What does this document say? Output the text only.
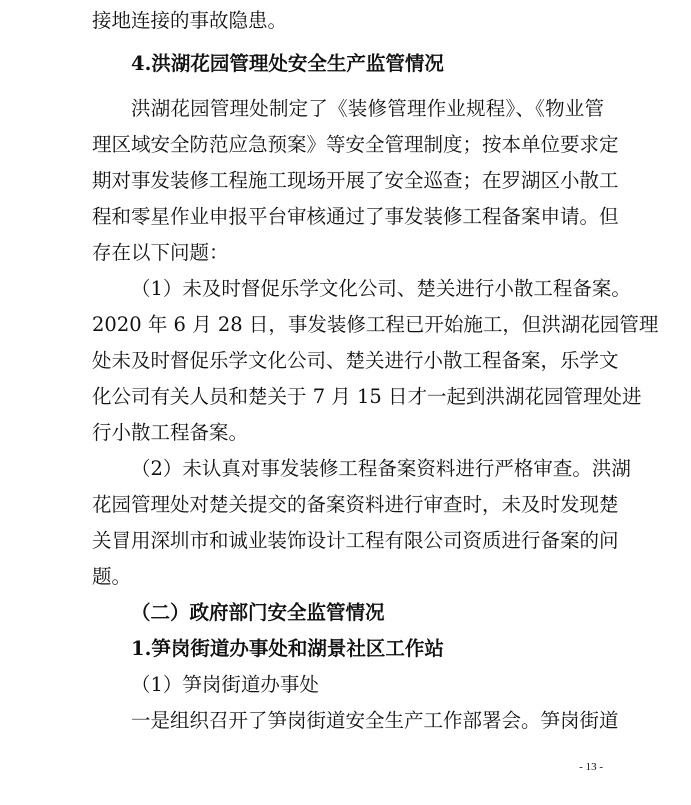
接地连接的事故隐患。
4.洪湖花园管理处安全生产监管情况
洪湖花园管理处制定了《装修管理作业规程》、《物业管
理区域安全防范应急预案》等安全管理制度；按本单位要求定
期对事发装修工程施工现场开展了安全巡查；在罗湖区小散工
程和零星作业申报平台审核通过了事发装修工程备案申请。但
存在以下问题：
（1）未及时督促乐学文化公司、楚关进行小散工程备案。
2020 年 6 月 28 日，事发装修工程已开始施工，但洪湖花园管理
处未及时督促乐学文化公司、楚关进行小散工程备案，乐学文
化公司有关人员和楚关于 7 月 15 日才一起到洪湖花园管理处进
行小散工程备案。
（2）未认真对事发装修工程备案资料进行严格审查。洪湖
花园管理处对楚关提交的备案资料进行审查时，未及时发现楚
关冒用深圳市和诚业装饰设计工程有限公司资质进行备案的问
题。
（二）政府部门安全监管情况
1.笋岗街道办事处和湖景社区工作站
（1）笋岗街道办事处
一是组织召开了笋岗街道安全生产工作部署会。笋岗街道
- 13 -
